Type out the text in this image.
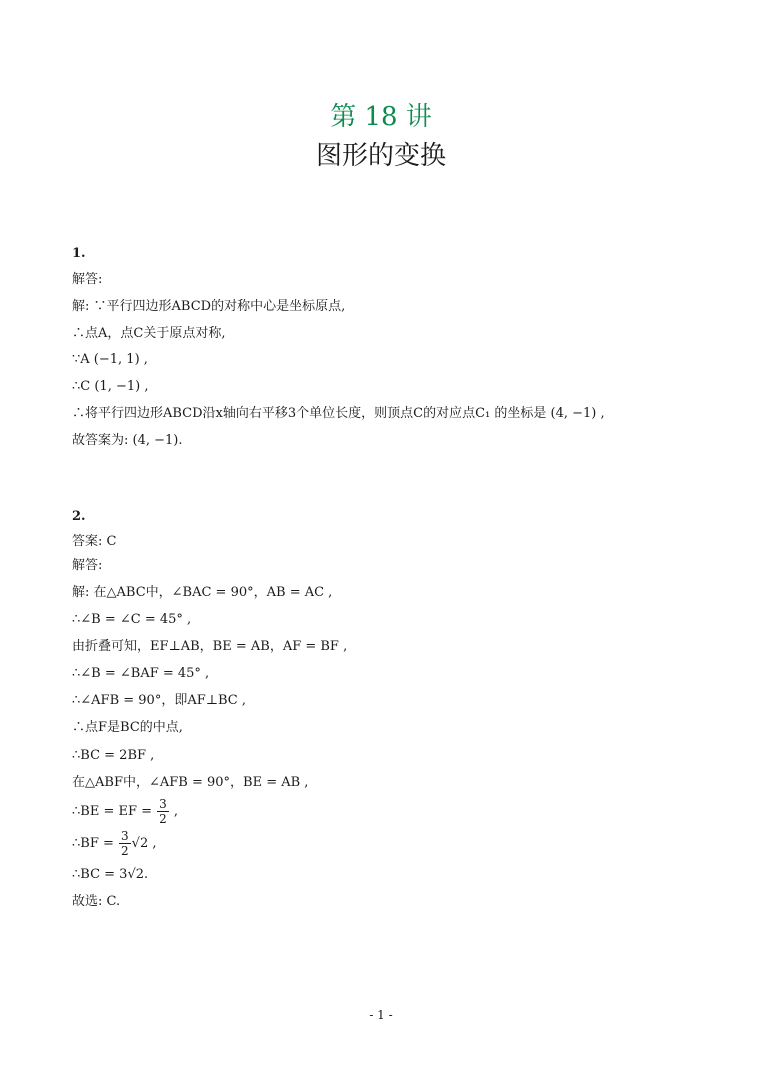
第 18 讲
图形的变换
1.
解答:
解: ∵平行四边形ABCD的对称中心是坐标原点,
∴点A，点C关于原点对称,
∵A (−1, 1) ,
∴C (1, −1) ,
∴将平行四边形ABCD沿x轴向右平移3个单位长度，则顶点C的对应点C₁ 的坐标是 (4, −1) ,
故答案为: (4, −1).
2.
答案: C
解答:
解: 在△ABC中，∠BAC = 90°，AB = AC ,
∴∠B = ∠C = 45° ,
由折叠可知，EF⊥AB，BE = AB，AF = BF ,
∴∠B = ∠BAF = 45° ,
∴∠AFB = 90°，即AF⊥BC ,
∴点F是BC的中点,
∴BC = 2BF ,
在△ABF中，∠AFB = 90°，BE = AB ,
∴BE = EF = $\frac{3}{2}$ ,
∴BF = $\frac{3}{2} √2$ ,
∴BC = 3√2.
故选: C.
- 1 -
